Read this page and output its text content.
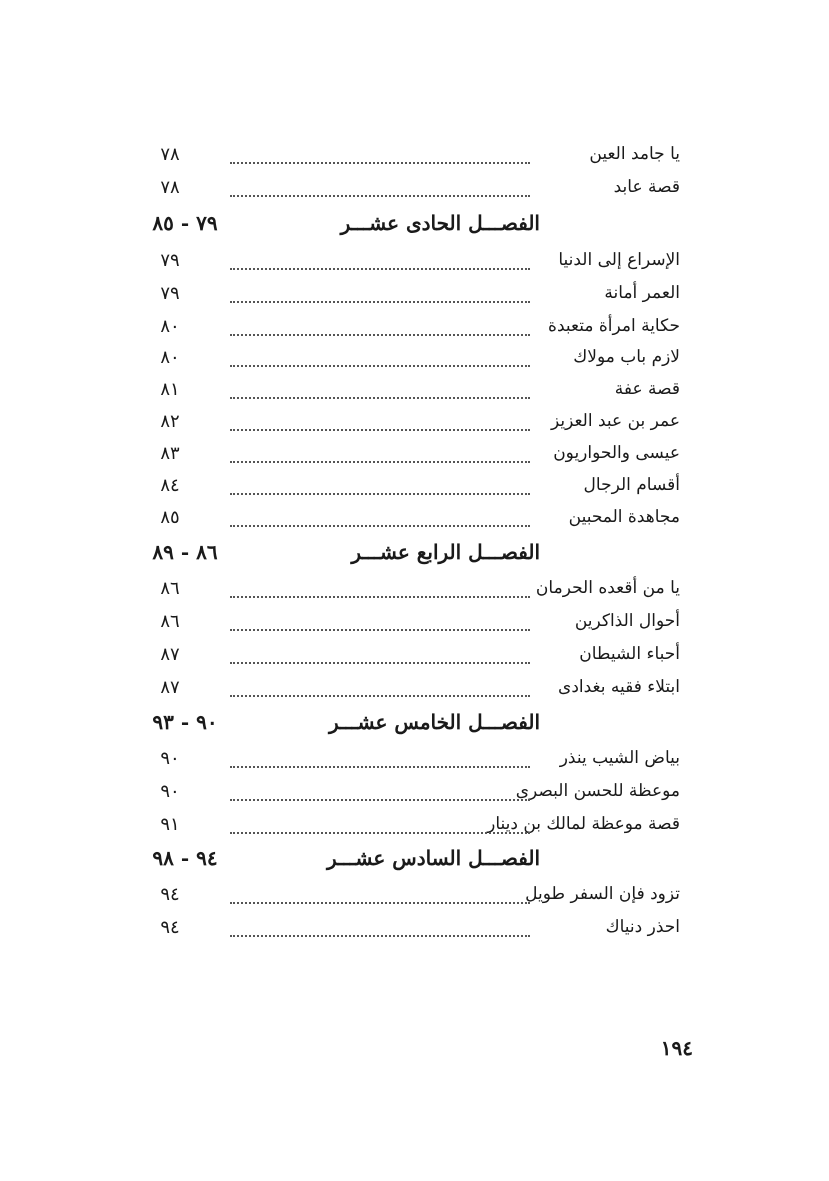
يا جامد العين
٧٨
قصة عابد
٧٨
الفصـــل الحادى عشـــر
٧٩ - ٨٥
الإسراع إلى الدنيا
٧٩
العمر أمانة
٧٩
حكاية امرأة متعبدة
٨٠
لازم باب مولاك
٨٠
قصة عفة
٨١
عمر بن عبد العزيز
٨٢
عيسى والحواريون
٨٣
أقسام الرجال
٨٤
مجاهدة المحبين
٨٥
الفصـــل الرابع عشـــر
٨٦ - ٨٩
يا من أقعده الحرمان
٨٦
أحوال الذاكرين
٨٦
أحباء الشيطان
٨٧
ابتلاء فقيه بغدادى
٨٧
الفصـــل الخامس عشـــر
٩٠ - ٩٣
بياض الشيب ينذر
٩٠
موعظة للحسن البصرى
٩٠
قصة موعظة لمالك بن دينار
٩١
الفصـــل السادس عشـــر
٩٤ - ٩٨
تزود فإن السفر طويل
٩٤
احذر دنياك
٩٤
١٩٤
